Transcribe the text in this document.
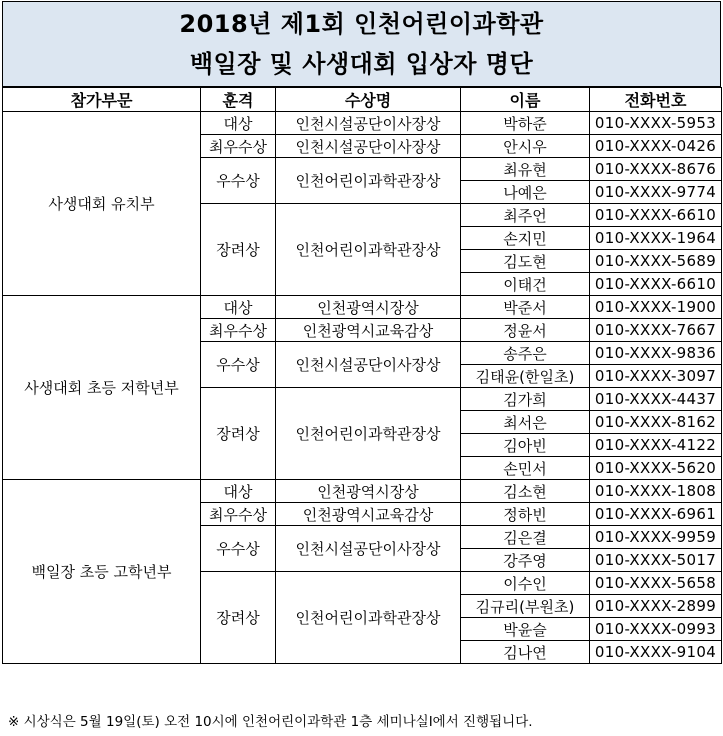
2018년 제1회 인천어린이과학관
백일장 및 사생대회 입상자 명단
참가부문	훈격	수상명	이름	전화번호
사생대회 유치부	대상	인천시설공단이사장상	박하준	010-XXXX-5953
	최우수상	인천시설공단이사장상	안시우	010-XXXX-0426
	우수상	인천어린이과학관장상	최유현	010-XXXX-8676
			나예은	010-XXXX-9774
	장려상	인천어린이과학관장상	최주언	010-XXXX-6610
			손지민	010-XXXX-1964
			김도현	010-XXXX-5689
			이태건	010-XXXX-6610
사생대회 초등 저학년부	대상	인천광역시장상	박준서	010-XXXX-1900
	최우수상	인천광역시교육감상	정윤서	010-XXXX-7667
	우수상	인천시설공단이사장상	송주은	010-XXXX-9836
			김태윤(한일초)	010-XXXX-3097
	장려상	인천어린이과학관장상	김가희	010-XXXX-4437
			최서은	010-XXXX-8162
			김아빈	010-XXXX-4122
			손민서	010-XXXX-5620
백일장 초등 고학년부	대상	인천광역시장상	김소현	010-XXXX-1808
	최우수상	인천광역시교육감상	정하빈	010-XXXX-6961
	우수상	인천시설공단이사장상	김은결	010-XXXX-9959
			강주영	010-XXXX-5017
	장려상	인천어린이과학관장상	이수인	010-XXXX-5658
			김규리(부원초)	010-XXXX-2899
			박윤슬	010-XXXX-0993
			김나연	010-XXXX-9104
※ 시상식은 5월 19일(토) 오전 10시에 인천어린이과학관 1층 세미나실Ⅰ에서 진행됩니다.
